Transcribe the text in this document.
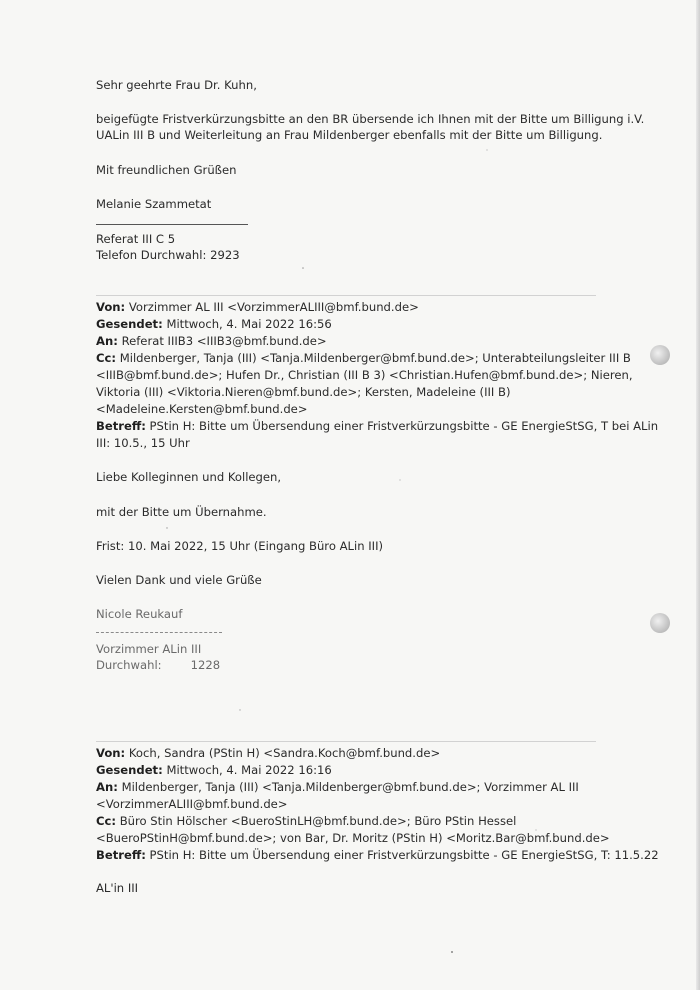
Sehr geehrte Frau Dr. Kuhn,
beigefügte Fristverkürzungsbitte an den BR übersende ich Ihnen mit der Bitte um Billigung i.V.
UALin III B und Weiterleitung an Frau Mildenberger ebenfalls mit der Bitte um Billigung.
Mit freundlichen Grüßen
Melanie Szammetat
Referat III C 5
Telefon Durchwahl: 2923
Von: Vorzimmer AL III <VorzimmerALIII@bmf.bund.de>
Gesendet: Mittwoch, 4. Mai 2022 16:56
An: Referat IIIB3 <IIIB3@bmf.bund.de>
Cc: Mildenberger, Tanja (III) <Tanja.Mildenberger@bmf.bund.de>; Unterabteilungsleiter III B
<IIIB@bmf.bund.de>; Hufen Dr., Christian (III B 3) <Christian.Hufen@bmf.bund.de>; Nieren,
Viktoria (III) <Viktoria.Nieren@bmf.bund.de>; Kersten, Madeleine (III B)
<Madeleine.Kersten@bmf.bund.de>
Betreff: PStin H: Bitte um Übersendung einer Fristverkürzungsbitte - GE EnergieStSG, T bei ALin
III: 10.5., 15 Uhr
Liebe Kolleginnen und Kollegen,
mit der Bitte um Übernahme.
Frist: 10. Mai 2022, 15 Uhr (Eingang Büro ALin III)
Vielen Dank und viele Grüße
Nicole Reukauf
Vorzimmer ALin III
Durchwahl:	1228
Von: Koch, Sandra (PStin H) <Sandra.Koch@bmf.bund.de>
Gesendet: Mittwoch, 4. Mai 2022 16:16
An: Mildenberger, Tanja (III) <Tanja.Mildenberger@bmf.bund.de>; Vorzimmer AL III
<VorzimmerALIII@bmf.bund.de>
Cc: Büro Stin Hölscher <BueroStinLH@bmf.bund.de>; Büro PStin Hessel
<BueroPStinH@bmf.bund.de>; von Bar, Dr. Moritz (PStin H) <Moritz.Bar@bmf.bund.de>
Betreff: PStin H: Bitte um Übersendung einer Fristverkürzungsbitte - GE EnergieStSG, T: 11.5.22
AL'in III
